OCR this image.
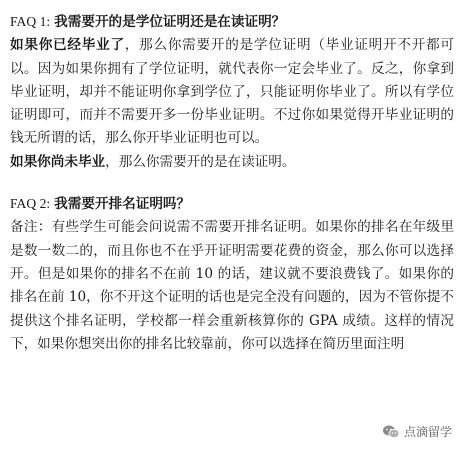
FAQ 1: 我需要开的是学位证明还是在读证明？

如果你已经毕业了，那么你需要开的是学位证明（毕业证明开不开都可以。因为如果你拥有了学位证明，就代表你一定会毕业了。反之，你拿到毕业证明，却并不能证明你拿到学位了，只能证明你毕业了。所以有学位证明即可，而并不需要开多一份毕业证明。不过你如果觉得开毕业证明的钱无所谓的话，那么你开毕业证明也可以。

如果你尚未毕业，那么你需要开的是在读证明。

FAQ 2: 我需要开排名证明吗？

备注：有些学生可能会问说需不需要开排名证明。如果你的排名在年级里是数一数二的，而且你也不在乎开证明需要花费的资金，那么你可以选择开。但是如果你的排名不在前 10 的话，建议就不要浪费钱了。如果你的排名在前 10，你不开这个证明的话也是完全没有问题的，因为不管你提不提供这个排名证明，学校都一样会重新核算你的 GPA 成绩。这样的情况下，如果你想突出你的排名比较靠前，你可以选择在简历里面注明

点滴留学
